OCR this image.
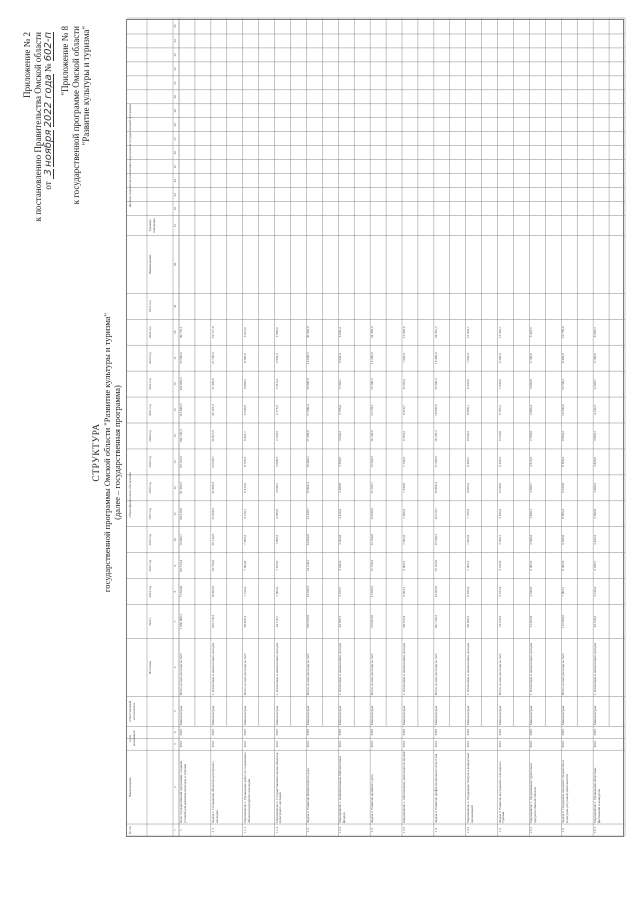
Приложение № 2 к постановлению Правительства Омской области от 3 ноября 2022 года № 602-п "Приложение № 8 к государственной программе Омской области "Развитие культуры и туризма"
СТРУКТУРА государственной программы Омской области "Развитие культуры и туризма" (далее – государственная программа)
№ п/п
Наименование
Срок реализации
Ответственный исполнитель
Объем финансового обеспечения
Целевые индикаторы реализации мероприятия государственной программы
Источник
Всего
2014 год
2015 год
2016 год
2017 год
2018 год
2019 год
2020 год
2021 год
2022 год
2023 год
2024 год
2025 год
Наименование
Единица измерения
1
2
3
4
5
6
7
8
9
10
11
12
13
14
15
16
17
18
19
20
21
22
23
24
25
26
27
28
29
30
31
32
33
34
35
1
Цель государственной программы: создание условий для развития культуры и туризма
2014
2025
Минкультуры
Всего, из них расходы за счет:
1 030 806,1
71 624,8
82 513,4
79 482,7
88 314,9
91 263,5
95 118,6
104 720,5
113 840,2
124 005,3
79 560,0
49 770,1
1.1
Задача 1. Сохранение объектов культурного наследия
2014
2025
Минкультуры
1. Налоговых и неналоговых доходов
245 118,4
18 402,6
19 735,0
20 114,8
21 608,3
22 305,9
23 040,7
24 913,5
26 118,0
27 402,6
21 760,0
19 717,0
1.1.1
Мероприятие 1. Проведение работ по сохранению объектов культурного наследия
2014
2025
Минкультуры
Всего, из них расходы за счет:
98 406,2
7 210,4
7 604,8
7 805,3
8 130,1
8 412,6
8 705,2
9 201,7
9 540,8
9 880,3
8 300,0
5 615,0
1.1.2
Мероприятие 2. Государственная охрана объектов культурного наследия
2014
2025
Минкультуры
1. Налоговых и неналоговых доходов
24 118,7
1 802,4
1 915,0
1 960,2
2 005,6
2 040,1
2 088,3
2 130,5
2 175,9
2 210,4
2 930,3
2 860,0
1.2
Задача 2. Развитие библиотечного дела
2014
2025
Минкультуры
Всего, из них расходы за счет:
186 530,9
13 020,5
14 118,2
14 602,0
15 340,7
15 902,3
16 480,1
17 305,6
17 980,4
18 660,8
12 600,3
30 520,0
1.2.1
Мероприятие 1. Комплектование библиотечных фондов
2014
2025
Минкультуры
1. Налоговых и неналоговых доходов
42 305,1
3 105,7
3 240,5
3 302,8
3 410,2
3 488,9
3 560,0
3 640,3
3 705,8
3 790,1
5 030,4
6 030,4
1.3
Задача 3. Развитие музейного дела
2014
2025
Минкультуры
Всего, из них расходы за счет:
154 802,6
11 005,2
11 730,4
12 104,8
12 640,3
13 105,7
13 540,2
14 120,6
14 705,1
15 290,3
12 260,0
24 300,0
1.3.1
Мероприятие 1. Обеспечение деятельности музеев
2014
2025
Минкультуры
1. Налоговых и неналоговых доходов
88 615,4
6 402,1
6 805,3
7 001,6
7 290,2
7 540,8
7 790,5
8 105,2
8 410,7
8 720,4
7 620,0
12 928,6
1.4
Задача 4. Развитие профессионального искусства
2014
2025
Минкультуры
Всего, из них расходы за счет:
201 740,3
14 205,8
15 102,6
15 540,3
16 210,7
16 802,4
17 390,6
18 105,3
18 820,9
19 540,2
15 460,0
34 561,5
1.4.1
Мероприятие 1. Поддержка театров и концертных организаций
2014
2025
Минкультуры
1. Налоговых и неналоговых доходов
96 208,5
6 810,4
7 205,1
7 402,9
7 720,5
8 005,2
8 290,7
8 640,3
8 980,1
9 320,6
7 830,0
16 002,7
1.5
Задача 5. Развитие внутреннего и въездного туризма
2014
2025
Минкультуры
Всего, из них расходы за счет:
74 318,2
5 102,4
5 410,8
5 580,1
5 820,4
6 040,9
6 260,3
6 520,8
6 780,2
7 040,6
6 200,0
13 562,7
1.5.1
Мероприятие 1. Продвижение туристского продукта Омской области
2014
2025
Минкультуры
1. Налоговых и неналоговых доходов
31 402,9
2 180,6
2 305,2
2 380,4
2 490,1
2 580,7
2 670,3
2 780,9
2 890,4
3 000,8
2 700,0
5 423,5
1.6
Задача 6. Поддержка народного творчества и культурно-досуговой деятельности
2014
2025
Минкультуры
Всего, из них расходы за счет:
112 605,0
7 805,1
8 302,6
8 540,9
8 905,3
9 230,8
9 560,4
9 960,2
10 350,6
10 740,1
9 450,0
19 759,0
1.6.1
Мероприятие 1. Проведение областных фестивалей и конкурсов
2014
2025
Минкультуры
1. Налоговых и неналоговых доходов
45 218,6
3 120,4
3 320,7
3 420,5
3 560,8
3 690,2
3 820,6
3 980,1
4 140,3
4 300,7
3 780,0
8 085,3
